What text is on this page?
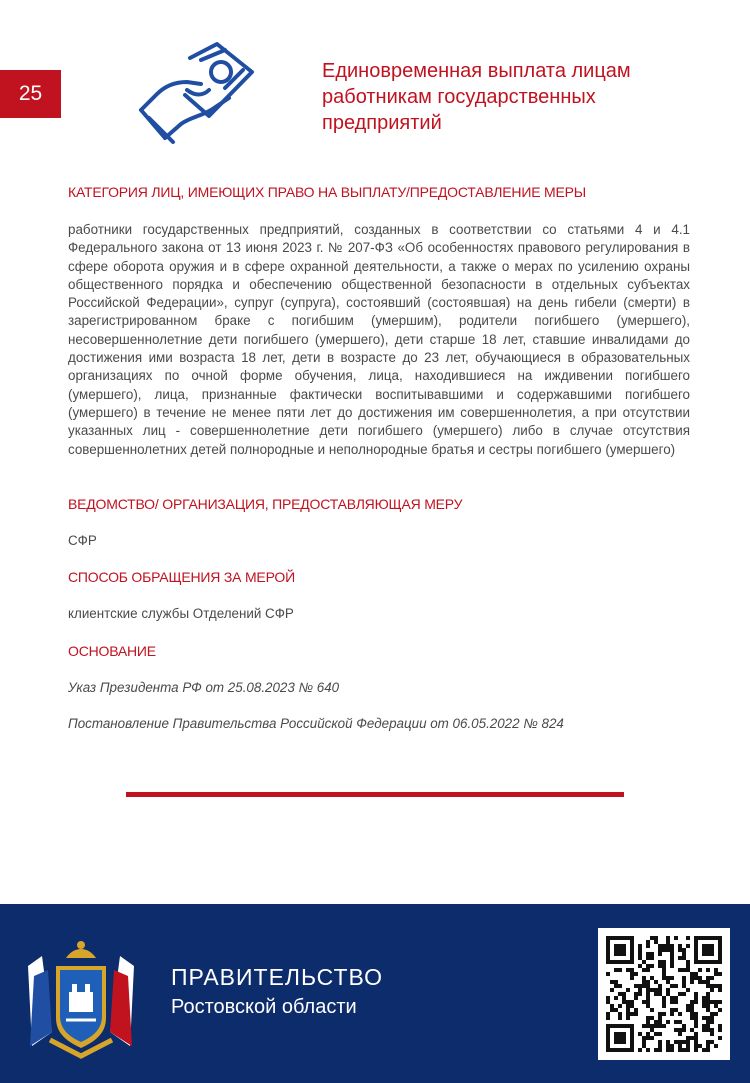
25
Единовременная выплата лицам работникам государственных предприятий
КАТЕГОРИЯ ЛИЦ, ИМЕЮЩИХ ПРАВО НА ВЫПЛАТУ/ПРЕДОСТАВЛЕНИЕ МЕРЫ
работники государственных предприятий, созданных в соответствии со статьями 4 и 4.1 Федерального закона от 13 июня 2023 г. № 207-ФЗ «Об особенностях правового регулирования в сфере оборота оружия и в сфере охранной деятельности, а также о мерах по усилению охраны общественного порядка и обеспечению общественной безопасности в отдельных субъектах Российской Федерации», супруг (супруга), состоявший (состоявшая) на день гибели (смерти) в зарегистрированном браке с погибшим (умершим), родители погибшего (умершего), несовершеннолетние дети погибшего (умершего), дети старше 18 лет, ставшие инвалидами до достижения ими возраста 18 лет, дети в возрасте до 23 лет, обучающиеся в образовательных организациях по очной форме обучения, лица, находившиеся на иждивении погибшего (умершего), лица, признанные фактически воспитывавшими и содержавшими погибшего (умершего) в течение не менее пяти лет до достижения им совершеннолетия, а при отсутствии указанных лиц - совершеннолетние дети погибшего (умершего) либо в случае отсутствия совершеннолетних детей полнородные и неполнородные братья и сестры погибшего (умершего)
ВЕДОМСТВО/ ОРГАНИЗАЦИЯ, ПРЕДОСТАВЛЯЮЩАЯ МЕРУ
СФР
СПОСОБ ОБРАЩЕНИЯ ЗА МЕРОЙ
клиентские службы Отделений СФР
ОСНОВАНИЕ
Указ Президента РФ от 25.08.2023 № 640
Постановление Правительства Российской Федерации от 06.05.2022 № 824
ПРАВИТЕЛЬСТВО
Ростовской области
